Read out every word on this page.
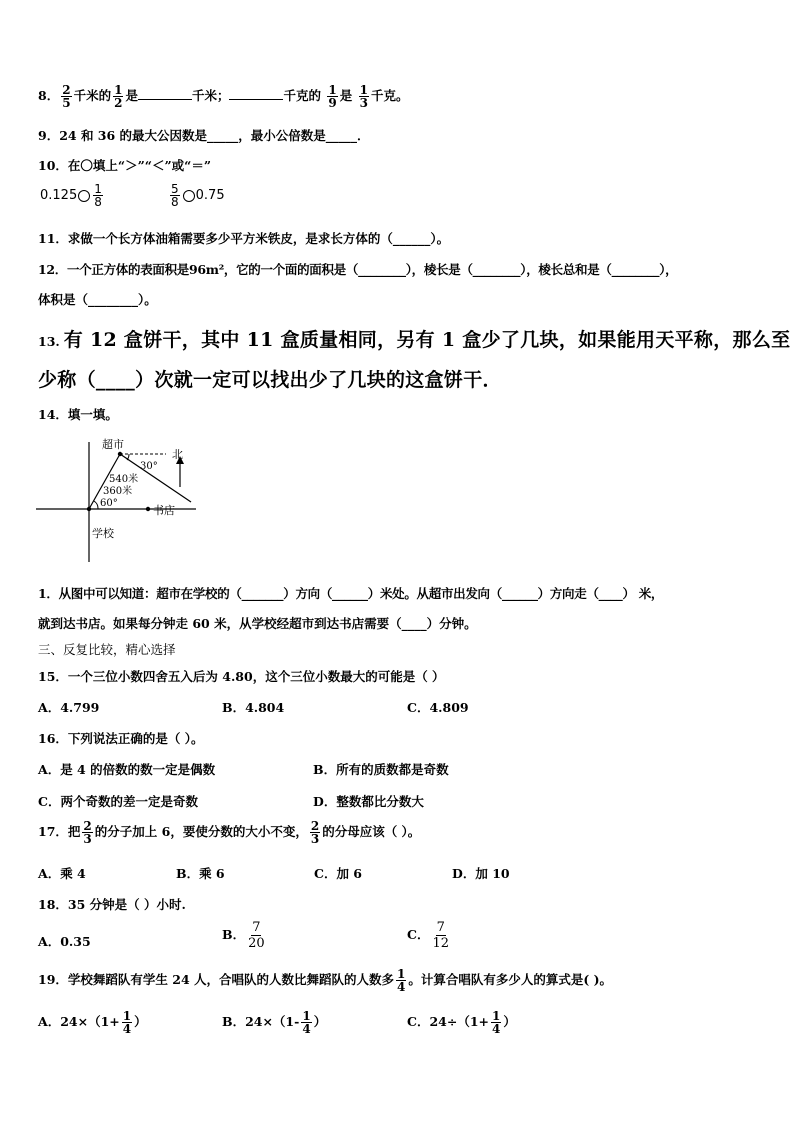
8． $\frac{2}{5}$ 千米的 $\frac{1}{2}$ 是	千米；	千克的 $\frac{1}{9}$ 是 $\frac{1}{3}$ 千克。
9．24 和 36 的最大公因数是_____，最小公倍数是_____．
10．在〇填上“＞”“＜”或“＝”
$0.125 \frac{1}{8}$	$\frac{5}{8} 0.75$
11．求做一个长方体油箱需要多少平方米铁皮，是求长方体的（______）。
12．一个正方体的表面积是96m²，它的一个面的面积是（________），棱长是（________），棱长总和是（________），
体积是（________）。
13. 有 12 盒饼干，其中 11 盒质量相同，另有 1 盒少了几块，如果能用天平称，那么至
少称（____）次就一定可以找出少了几块的这盒饼干．
14．填一填。
超市
北
30°
540米
360米
60°
书店
学校
1．从图中可以知道：超市在学校的（_______）方向（______）米处。从超市出发向（______）方向走（____） 米，
就到达书店。如果每分钟走 60 米，从学校经超市到达书店需要（____）分钟。
三、反复比较，精心选择
15．一个三位小数四舍五入后为 4.80，这个三位小数最大的可能是（ ）
A．4.799	B．4.804	C．4.809
16．下列说法正确的是（ ）。
A．是 4 的倍数的数一定是偶数	B．所有的质数都是奇数
C．两个奇数的差一定是奇数	D．整数都比分数大
17．把 $\frac{2}{3}$ 的分子加上 6，要使分数的大小不变， $\frac{2}{3}$ 的分母应该（ ）。
A．乘 4	B．乘 6	C．加 6	D．加 10
18．35 分钟是（ ）小时.
A．0.35	B． $\frac{7}{20}$	C． $\frac{7}{12}$
19．学校舞蹈队有学生 24 人，合唱队的人数比舞蹈队的人数多 $\frac{1}{4}$ 。计算合唱队有多少人的算式是( )。
A．$24\times(1+ \frac{1}{4}$ ）	B．$24\times(1- \frac{1}{4}$ ）	C．$24\div(1+ \frac{1}{4}$ ）
